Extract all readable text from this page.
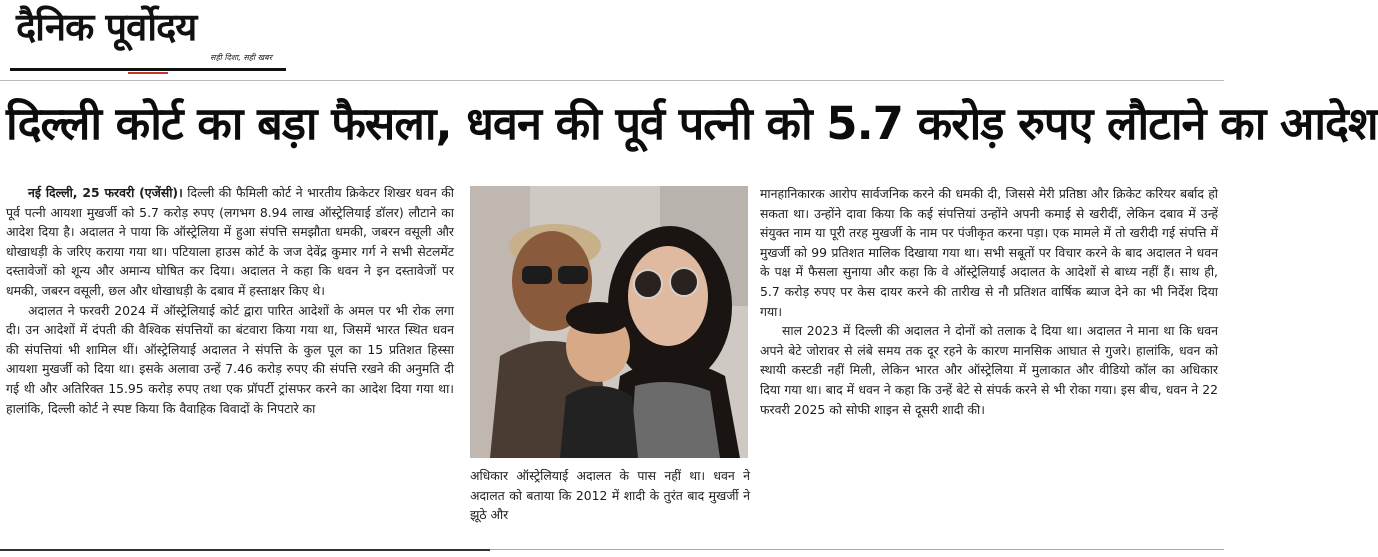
दैनिक पूर्वोदय
सही दिशा, सही खबर
दिल्ली कोर्ट का बड़ा फैसला, धवन की पूर्व पत्नी को 5.7 करोड़ रुपए लौटाने का आदेश

नई दिल्ली, 25 फरवरी (एजेंसी)। दिल्ली की फैमिली कोर्ट ने भारतीय क्रिकेटर शिखर धवन की पूर्व पत्नी आयशा मुखर्जी को 5.7 करोड़ रुपए (लगभग 8.94 लाख ऑस्ट्रेलियाई डॉलर) लौटाने का आदेश दिया है। अदालत ने पाया कि ऑस्ट्रेलिया में हुआ संपत्ति समझौता धमकी, जबरन वसूली और धोखाधड़ी के जरिए कराया गया था। पटियाला हाउस कोर्ट के जज देवेंद्र कुमार गर्ग ने सभी सेटलमेंट दस्तावेजों को शून्य और अमान्य घोषित कर दिया। अदालत ने कहा कि धवन ने इन दस्तावेजों पर धमकी, जबरन वसूली, छल और धोखाधड़ी के दबाव में हस्ताक्षर किए थे।

अदालत ने फरवरी 2024 में ऑस्ट्रेलियाई कोर्ट द्वारा पारित आदेशों के अमल पर भी रोक लगा दी। उन आदेशों में दंपती की वैश्विक संपत्तियों का बंटवारा किया गया था, जिसमें भारत स्थित धवन की संपत्तियां भी शामिल थीं। ऑस्ट्रेलियाई अदालत ने संपत्ति के कुल पूल का 15 प्रतिशत हिस्सा आयशा मुखर्जी को दिया था। इसके अलावा उन्हें 7.46 करोड़ रुपए की संपत्ति रखने की अनुमति दी गई थी और अतिरिक्त 15.95 करोड़ रुपए तथा एक प्रॉपर्टी ट्रांसफर करने का आदेश दिया गया था। हालांकि, दिल्ली कोर्ट ने स्पष्ट किया कि वैवाहिक विवादों के निपटारे का

अधिकार ऑस्ट्रेलियाई अदालत के पास नहीं था। धवन ने अदालत को बताया कि 2012 में शादी के तुरंत बाद मुखर्जी ने झूठे और

मानहानिकारक आरोप सार्वजनिक करने की धमकी दी, जिससे मेरी प्रतिष्ठा और क्रिकेट करियर बर्बाद हो सकता था। उन्होंने दावा किया कि कई संपत्तियां उन्होंने अपनी कमाई से खरीदीं, लेकिन दबाव में उन्हें संयुक्त नाम या पूरी तरह मुखर्जी के नाम पर पंजीकृत करना पड़ा। एक मामले में तो खरीदी गई संपत्ति में मुखर्जी को 99 प्रतिशत मालिक दिखाया गया था। सभी सबूतों पर विचार करने के बाद अदालत ने धवन के पक्ष में फैसला सुनाया और कहा कि वे ऑस्ट्रेलियाई अदालत के आदेशों से बाध्य नहीं हैं। साथ ही, 5.7 करोड़ रुपए पर केस दायर करने की तारीख से नौ प्रतिशत वार्षिक ब्याज देने का भी निर्देश दिया गया।

साल 2023 में दिल्ली की अदालत ने दोनों को तलाक दे दिया था। अदालत ने माना था कि धवन अपने बेटे जोरावर से लंबे समय तक दूर रहने के कारण मानसिक आघात से गुजरे। हालांकि, धवन को स्थायी कस्टडी नहीं मिली, लेकिन भारत और ऑस्ट्रेलिया में मुलाकात और वीडियो कॉल का अधिकार दिया गया था। बाद में धवन ने कहा कि उन्हें बेटे से संपर्क करने से भी रोका गया। इस बीच, धवन ने 22 फरवरी 2025 को सोफी शाइन से दूसरी शादी की।
